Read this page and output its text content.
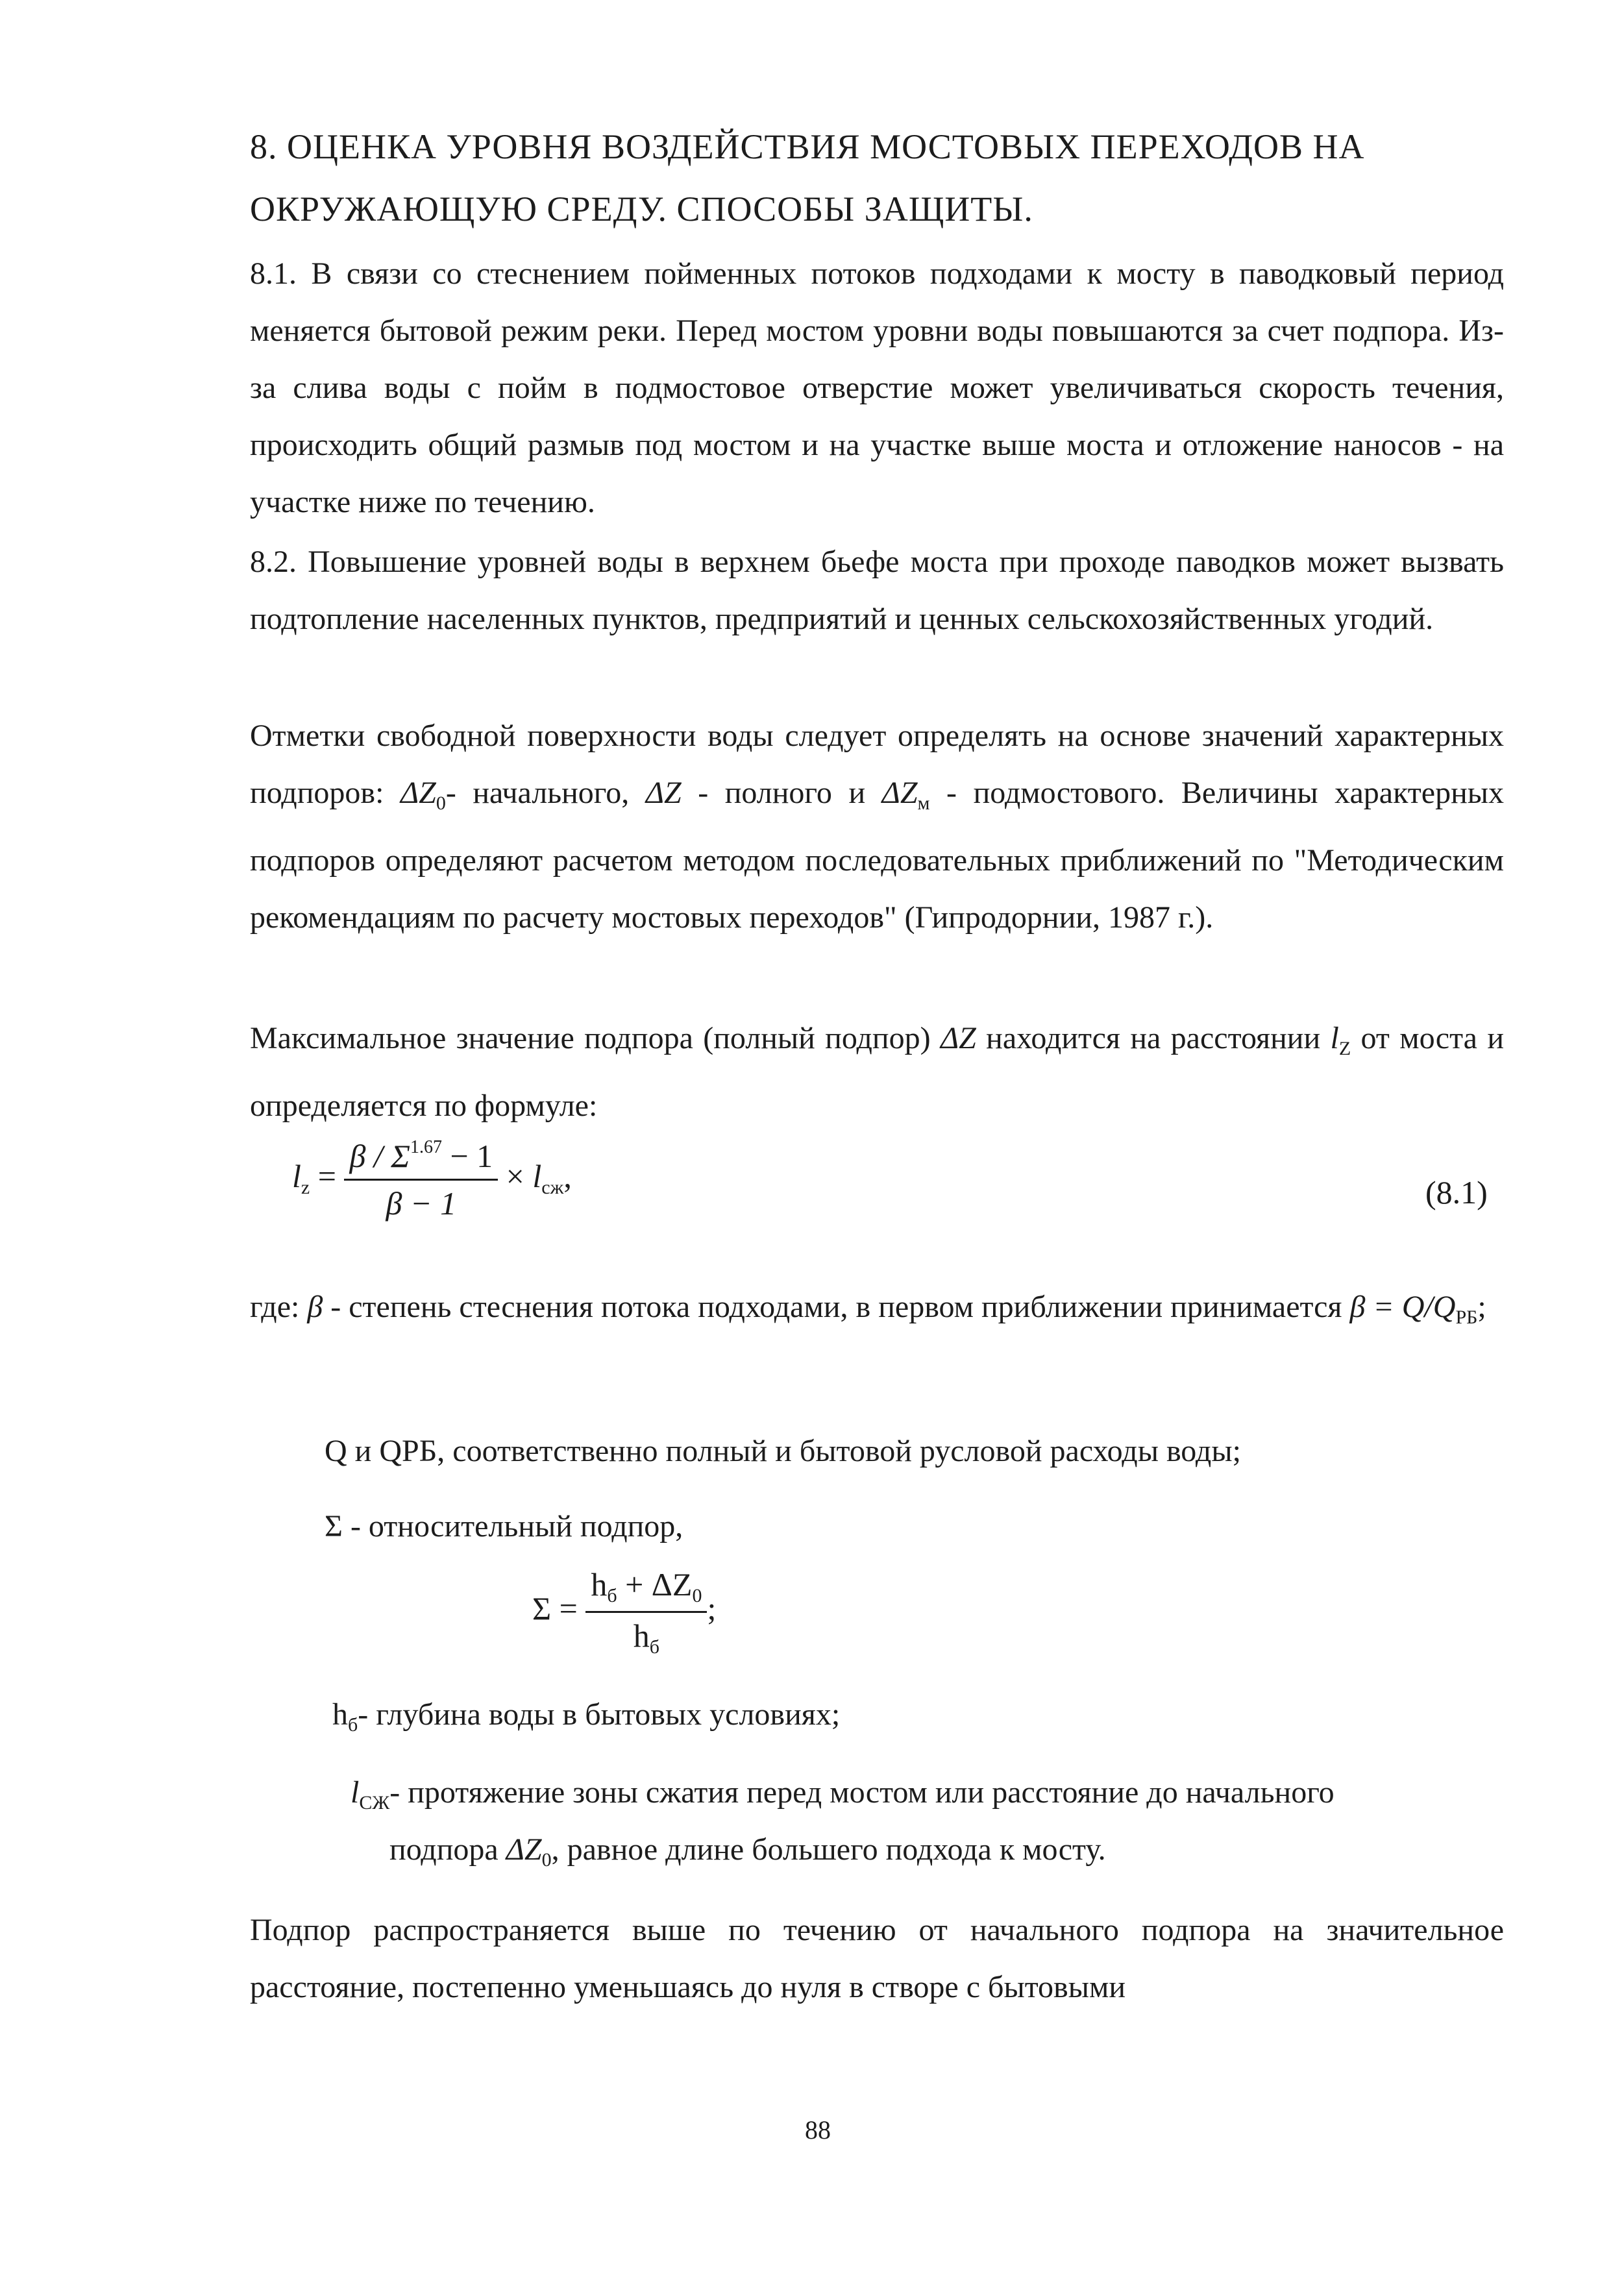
8. ОЦЕНКА УРОВНЯ ВОЗДЕЙСТВИЯ МОСТОВЫХ ПЕРЕХОДОВ НА ОКРУЖАЮЩУЮ СРЕДУ. СПОСОБЫ ЗАЩИТЫ.

8.1. В связи со стеснением пойменных потоков подходами к мосту в паводковый период меняется бытовой режим реки. Перед мостом уровни воды повышаются за счет подпора. Из-за слива воды с пойм в подмостовое отверстие может увеличиваться скорость течения, происходить общий размыв под мостом и на участке выше моста и отложение наносов - на участке ниже по течению.

8.2. Повышение уровней воды в верхнем бьефе моста при проходе паводков может вызвать подтопление населенных пунктов, предприятий и ценных сельскохозяйственных угодий.

Отметки свободной поверхности воды следует определять на основе значений характерных подпоров: $\Delta Z_0-$ начального, ΔZ - полного и $\Delta Z_м$ - подмостового. Величины характерных подпоров определяют расчетом методом последовательных приближений по "Методическим рекомендациям по расчету мостовых переходов" (Гипродорнии, 1987 г.).

Максимальное значение подпора (полный подпор) ΔZ находится на расстоянии $l_Z$ от моста и определяется по формуле:

$l_z = \frac{\beta / \Sigma^{1.67} - 1}{\beta - 1} \times l_{сж}$,	(8.1)

где: β - степень стеснения потока подходами, в первом приближении принимается $\beta = Q/Q_{РБ}$;

Q и QРБ, соответственно полный и бытовой русловой расходы воды;
Σ - относительный подпор,
$\Sigma = \frac{h_б + \Delta Z_0}{h_б}$ ;
$h_б-$ глубина воды в бытовых условиях;
$l_{СЖ}-$ протяжение зоны сжатия перед мостом или расстояние до начального
подпора $\Delta Z_0$, равное длине большего подхода к мосту.

Подпор распространяется выше по течению от начального подпора на значительное расстояние, постепенно уменьшаясь до нуля в створе с бытовыми

88
